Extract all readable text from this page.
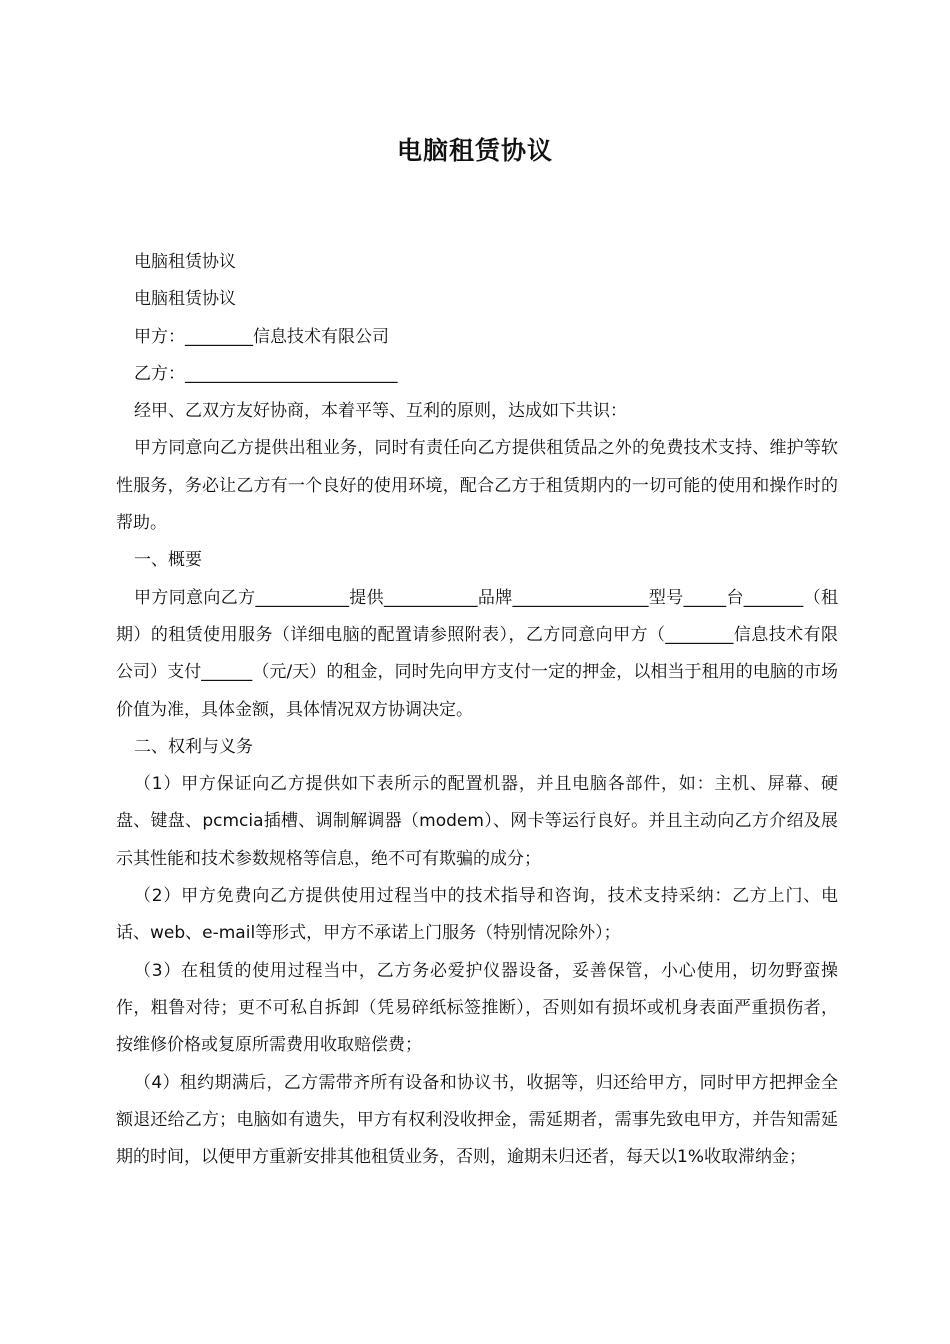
电脑租赁协议

电脑租赁协议

电脑租赁协议

甲方：________信息技术有限公司

乙方：_________________________

经甲、乙双方友好协商，本着平等、互利的原则，达成如下共识：

甲方同意向乙方提供出租业务，同时有责任向乙方提供租赁品之外的免费技术支持、维护等软性服务，务必让乙方有一个良好的使用环境，配合乙方于租赁期内的一切可能的使用和操作时的帮助。

一、概要

甲方同意向乙方___________提供___________品牌________________型号_____台_______（租期）的租赁使用服务（详细电脑的配置请参照附表），乙方同意向甲方（________信息技术有限公司）支付______（元/天）的租金，同时先向甲方支付一定的押金，以相当于租用的电脑的市场价值为准，具体金额，具体情况双方协调决定。

二、权利与义务

（1）甲方保证向乙方提供如下表所示的配置机器，并且电脑各部件，如：主机、屏幕、硬盘、键盘、pcmcia插槽、调制解调器（modem）、网卡等运行良好。并且主动向乙方介绍及展示其性能和技术参数规格等信息，绝不可有欺骗的成分；

（2）甲方免费向乙方提供使用过程当中的技术指导和咨询，技术支持采纳：乙方上门、电话、web、e-mail等形式，甲方不承诺上门服务（特别情况除外）；

（3）在租赁的使用过程当中，乙方务必爱护仪器设备，妥善保管，小心使用，切勿野蛮操作，粗鲁对待；更不可私自拆卸（凭易碎纸标签推断），否则如有损坏或机身表面严重损伤者，按维修价格或复原所需费用收取赔偿费；

（4）租约期满后，乙方需带齐所有设备和协议书，收据等，归还给甲方，同时甲方把押金全额退还给乙方；电脑如有遗失，甲方有权利没收押金，需延期者，需事先致电甲方，并告知需延期的时间，以便甲方重新安排其他租赁业务，否则，逾期未归还者，每天以1%收取滞纳金；
